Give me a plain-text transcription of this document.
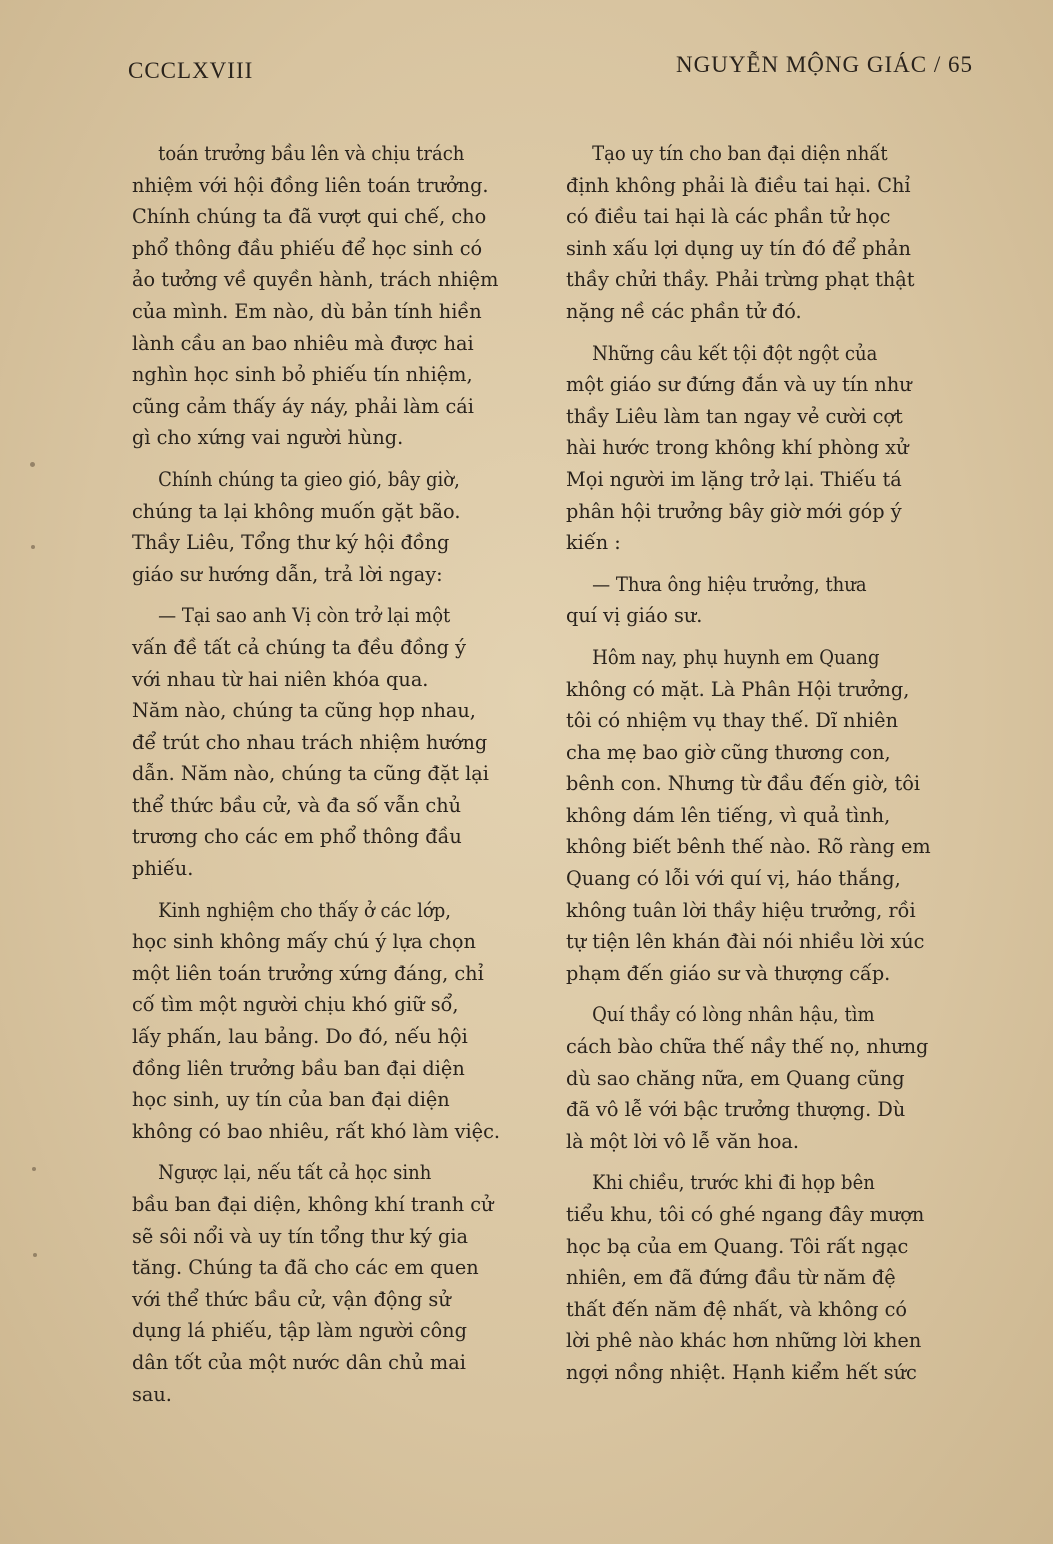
CCCLXVIII	NGUYỄN MỘNG GIÁC / 65
toán trưởng bầu lên và chịu trách
nhiệm với hội đồng liên toán trưởng.
Chính chúng ta đã vượt qui chế, cho
phổ thông đầu phiếu để học sinh có
ảo tưởng về quyền hành, trách nhiệm
của mình. Em nào, dù bản tính hiền
lành cầu an bao nhiêu mà được hai
nghìn học sinh bỏ phiếu tín nhiệm,
cũng cảm thấy áy náy, phải làm cái
gì cho xứng vai người hùng.
Chính chúng ta gieo gió, bây giờ,
chúng ta lại không muốn gặt bão.
Thầy Liêu, Tổng thư ký hội đồng
giáo sư hướng dẫn, trả lời ngay:
— Tại sao anh Vị còn trở lại một
vấn đề tất cả chúng ta đều đồng ý
với nhau từ hai niên khóa qua.
Năm nào, chúng ta cũng họp nhau,
để trút cho nhau trách nhiệm hướng
dẫn. Năm nào, chúng ta cũng đặt lại
thể thức bầu cử, và đa số vẫn chủ
trương cho các em phổ thông đầu
phiếu.
Kinh nghiệm cho thấy ở các lớp,
học sinh không mấy chú ý lựa chọn
một liên toán trưởng xứng đáng, chỉ
cố tìm một người chịu khó giữ sổ,
lấy phấn, lau bảng. Do đó, nếu hội
đồng liên trưởng bầu ban đại diện
học sinh, uy tín của ban đại diện
không có bao nhiêu, rất khó làm việc.
Ngược lại, nếu tất cả học sinh
bầu ban đại diện, không khí tranh cử
sẽ sôi nổi và uy tín tổng thư ký gia
tăng. Chúng ta đã cho các em quen
với thể thức bầu cử, vận động sử
dụng lá phiếu, tập làm người công
dân tốt của một nước dân chủ mai
sau.
Tạo uy tín cho ban đại diện nhất
định không phải là điều tai hại. Chỉ
có điều tai hại là các phần tử học
sinh xấu lợi dụng uy tín đó để phản
thầy chửi thầy. Phải trừng phạt thật
nặng nề các phần tử đó.
Những câu kết tội đột ngột của
một giáo sư đứng đắn và uy tín như
thầy Liêu làm tan ngay vẻ cười cợt
hài hước trong không khí phòng xử
Mọi người im lặng trở lại. Thiếu tá
phân hội trưởng bây giờ mới góp ý
kiến :
— Thưa ông hiệu trưởng, thưa
quí vị giáo sư.
Hôm nay, phụ huynh em Quang
không có mặt. Là Phân Hội trưởng,
tôi có nhiệm vụ thay thế. Dĩ nhiên
cha mẹ bao giờ cũng thương con,
bênh con. Nhưng từ đầu đến giờ, tôi
không dám lên tiếng, vì quả tình,
không biết bênh thế nào. Rõ ràng em
Quang có lỗi với quí vị, háo thắng,
không tuân lời thầy hiệu trưởng, rồi
tự tiện lên khán đài nói nhiều lời xúc
phạm đến giáo sư và thượng cấp.
Quí thầy có lòng nhân hậu, tìm
cách bào chữa thế nầy thế nọ, nhưng
dù sao chăng nữa, em Quang cũng
đã vô lễ với bậc trưởng thượng. Dù
là một lời vô lễ văn hoa.
Khi chiều, trước khi đi họp bên
tiểu khu, tôi có ghé ngang đây mượn
học bạ của em Quang. Tôi rất ngạc
nhiên, em đã đứng đầu từ năm đệ
thất đến năm đệ nhất, và không có
lời phê nào khác hơn những lời khen
ngợi nồng nhiệt. Hạnh kiểm hết sức
